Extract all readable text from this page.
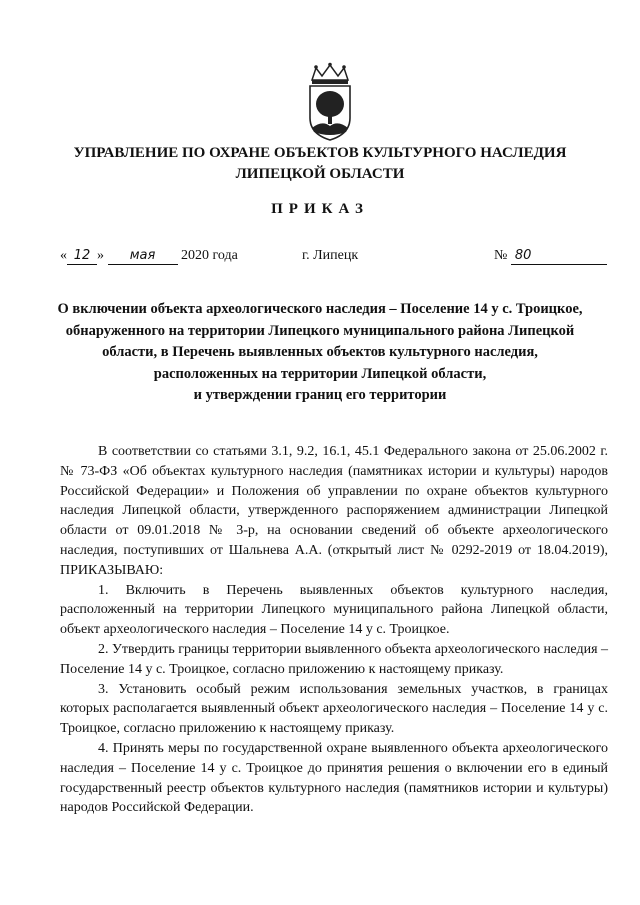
УПРАВЛЕНИЕ ПО ОХРАНЕ ОБЪЕКТОВ КУЛЬТУРНОГО НАСЛЕДИЯ
ЛИПЕЦКОЙ ОБЛАСТИ
ПРИКАЗ
« 12 » мая 2020 года	г. Липецк	№ 80
О включении объекта археологического наследия – Поселение 14 у с. Троицкое,
обнаруженного на территории Липецкого муниципального района Липецкой
области, в Перечень выявленных объектов культурного наследия,
расположенных на территории Липецкой области,
и утверждении границ его территории

В соответствии со статьями 3.1, 9.2, 16.1, 45.1 Федерального закона от 25.06.2002 г. № 73-ФЗ «Об объектах культурного наследия (памятниках истории и культуры) народов Российской Федерации» и Положения об управлении по охране объектов культурного наследия Липецкой области, утвержденного распоряжением администрации Липецкой области от 09.01.2018 № 3-р, на основании сведений об объекте археологического наследия, поступивших от Шальнева А.А. (открытый лист № 0292-2019 от 18.04.2019), ПРИКАЗЫВАЮ:

1. Включить в Перечень выявленных объектов культурного наследия, расположенный на территории Липецкого муниципального района Липецкой области, объект археологического наследия – Поселение 14 у с. Троицкое.

2. Утвердить границы территории выявленного объекта археологического наследия – Поселение 14 у с. Троицкое, согласно приложению к настоящему приказу.

3. Установить особый режим использования земельных участков, в границах которых располагается выявленный объект археологического наследия – Поселение 14 у с. Троицкое, согласно приложению к настоящему приказу.

4. Принять меры по государственной охране выявленного объекта археологического наследия – Поселение 14 у с. Троицкое до принятия решения о включении его в единый государственный реестр объектов культурного наследия (памятников истории и культуры) народов Российской Федерации.
